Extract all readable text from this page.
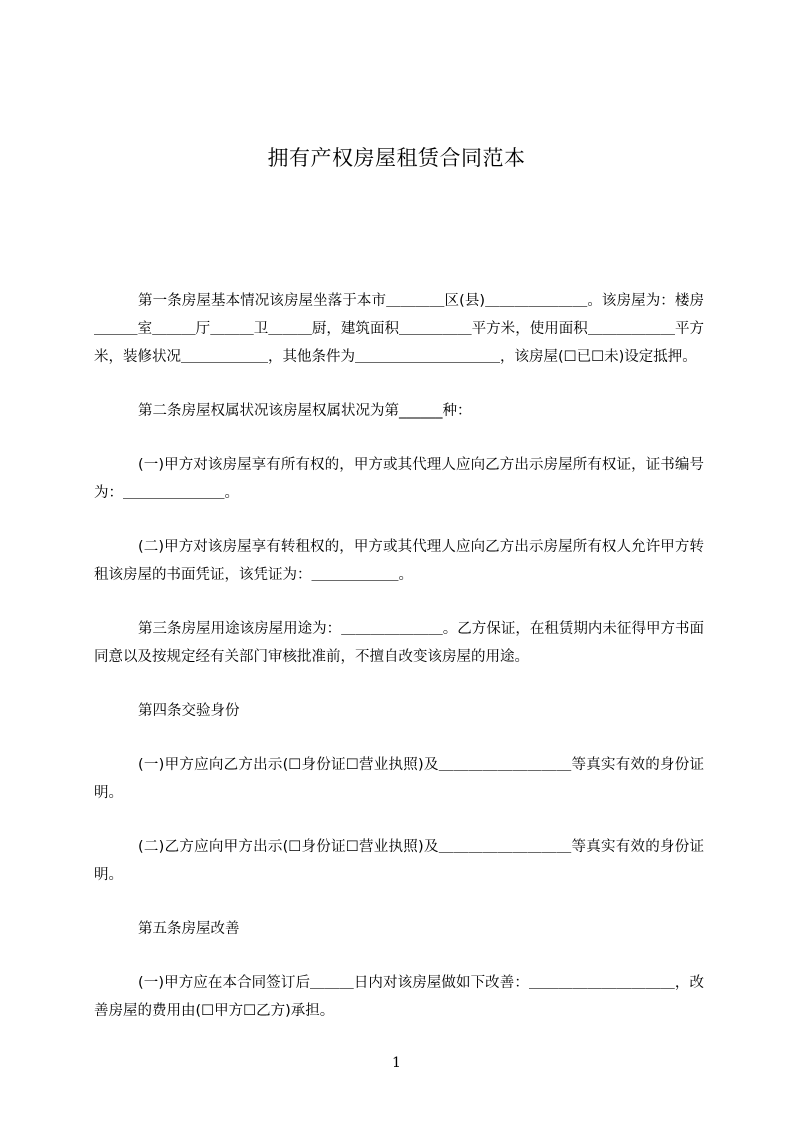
拥有产权房屋租赁合同范本

第一条房屋基本情况该房屋坐落于本市＿＿＿＿区(县)＿＿＿＿＿＿＿。该房屋为：楼房＿＿＿室＿＿＿厅＿＿＿卫＿＿＿厨，建筑面积＿＿＿＿＿平方米，使用面积＿＿＿＿＿＿平方米，装修状况＿＿＿＿＿＿，其他条件为＿＿＿＿＿＿＿＿＿＿，该房屋(☐已☐未)设定抵押。

第二条房屋权属状况该房屋权属状况为第______种：

(一)甲方对该房屋享有所有权的，甲方或其代理人应向乙方出示房屋所有权证，证书编号为：＿＿＿＿＿＿＿。

(二)甲方对该房屋享有转租权的，甲方或其代理人应向乙方出示房屋所有权人允许甲方转租该房屋的书面凭证，该凭证为：＿＿＿＿＿＿。

第三条房屋用途该房屋用途为：＿＿＿＿＿＿＿。乙方保证，在租赁期内未征得甲方书面同意以及按规定经有关部门审核批准前，不擅自改变该房屋的用途。

第四条交验身份

(一)甲方应向乙方出示(☐身份证☐营业执照)及＿＿＿＿＿＿＿＿＿等真实有效的身份证明。

(二)乙方应向甲方出示(☐身份证☐营业执照)及＿＿＿＿＿＿＿＿＿等真实有效的身份证明。

第五条房屋改善

(一)甲方应在本合同签订后＿＿＿日内对该房屋做如下改善：＿＿＿＿＿＿＿＿＿＿，改善房屋的费用由(☐甲方☐乙方)承担。

1
